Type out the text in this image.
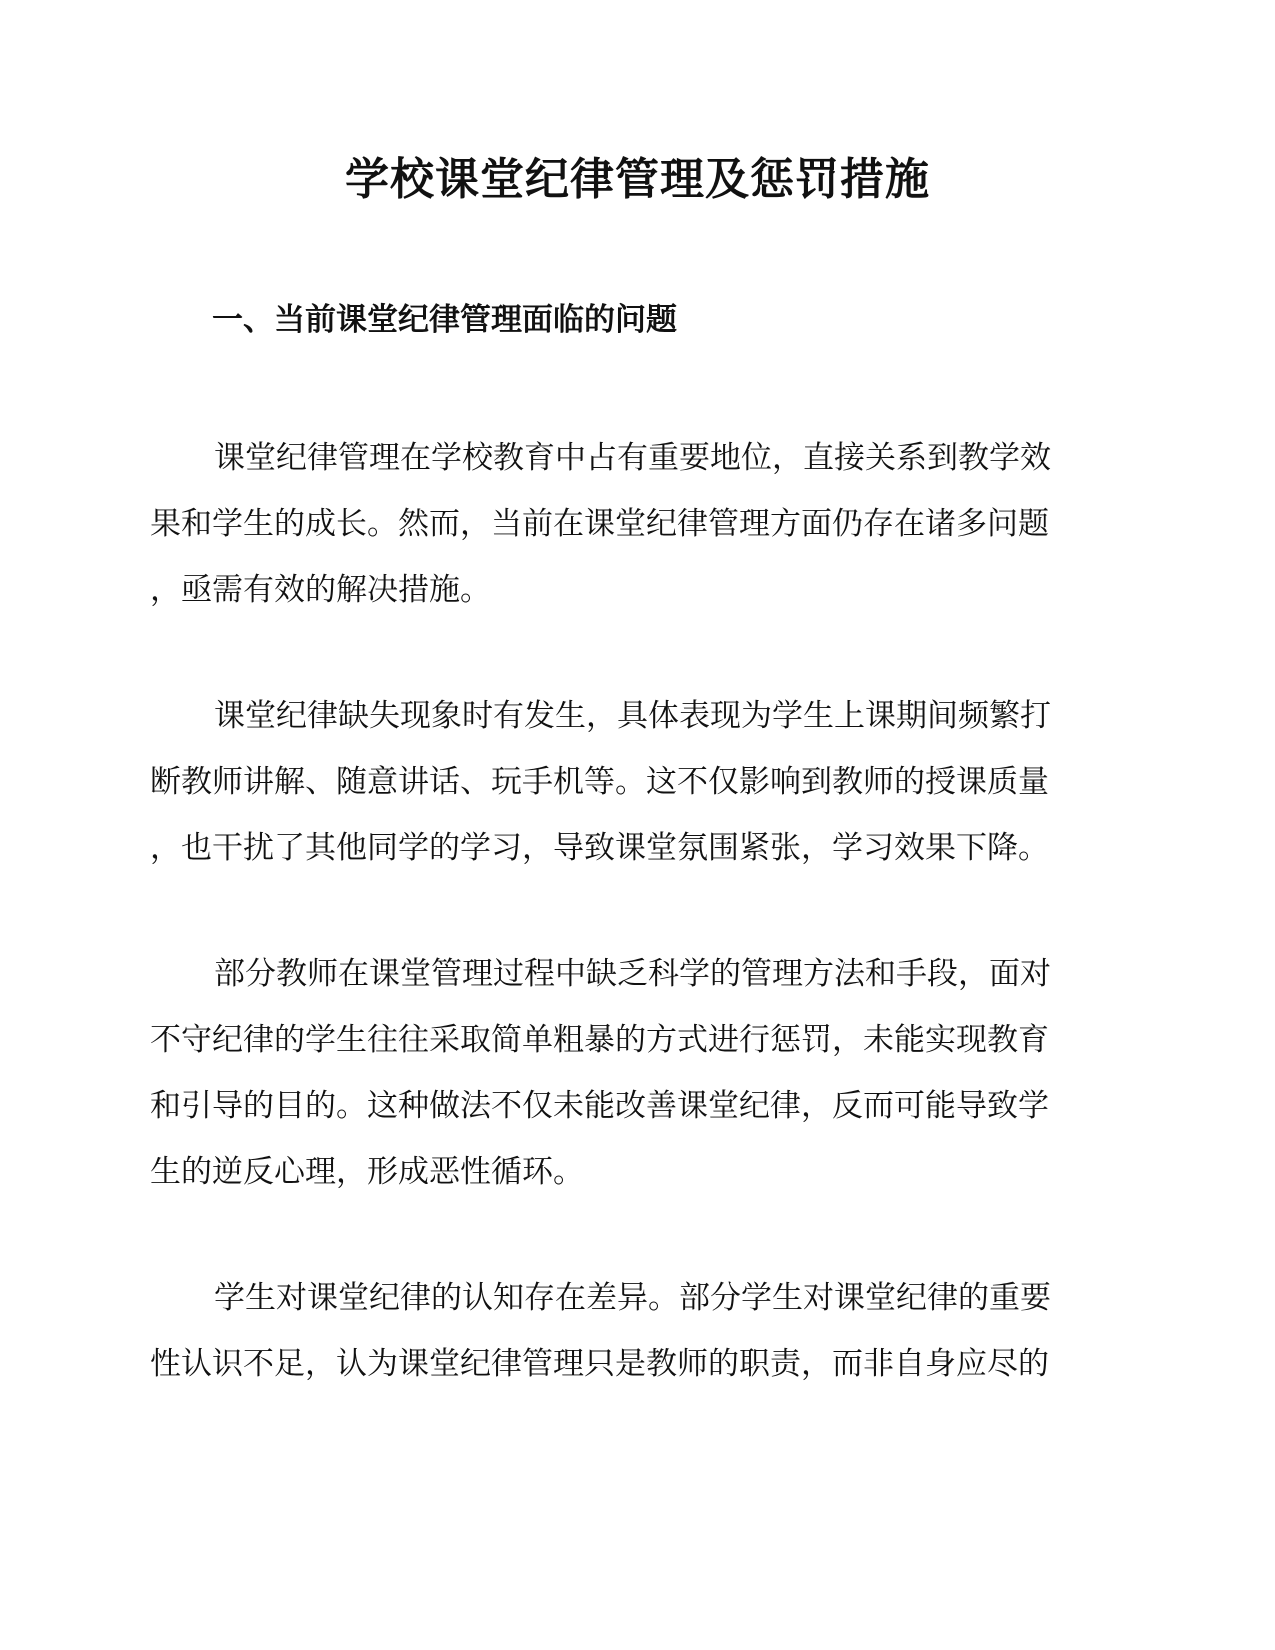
学校课堂纪律管理及惩罚措施
一、当前课堂纪律管理面临的问题
课堂纪律管理在学校教育中占有重要地位，直接关系到教学效
果和学生的成长。然而，当前在课堂纪律管理方面仍存在诸多问题
，亟需有效的解决措施。
课堂纪律缺失现象时有发生，具体表现为学生上课期间频繁打
断教师讲解、随意讲话、玩手机等。这不仅影响到教师的授课质量
，也干扰了其他同学的学习，导致课堂氛围紧张，学习效果下降。
部分教师在课堂管理过程中缺乏科学的管理方法和手段，面对
不守纪律的学生往往采取简单粗暴的方式进行惩罚，未能实现教育
和引导的目的。这种做法不仅未能改善课堂纪律，反而可能导致学
生的逆反心理，形成恶性循环。
学生对课堂纪律的认知存在差异。部分学生对课堂纪律的重要
性认识不足，认为课堂纪律管理只是教师的职责，而非自身应尽的
